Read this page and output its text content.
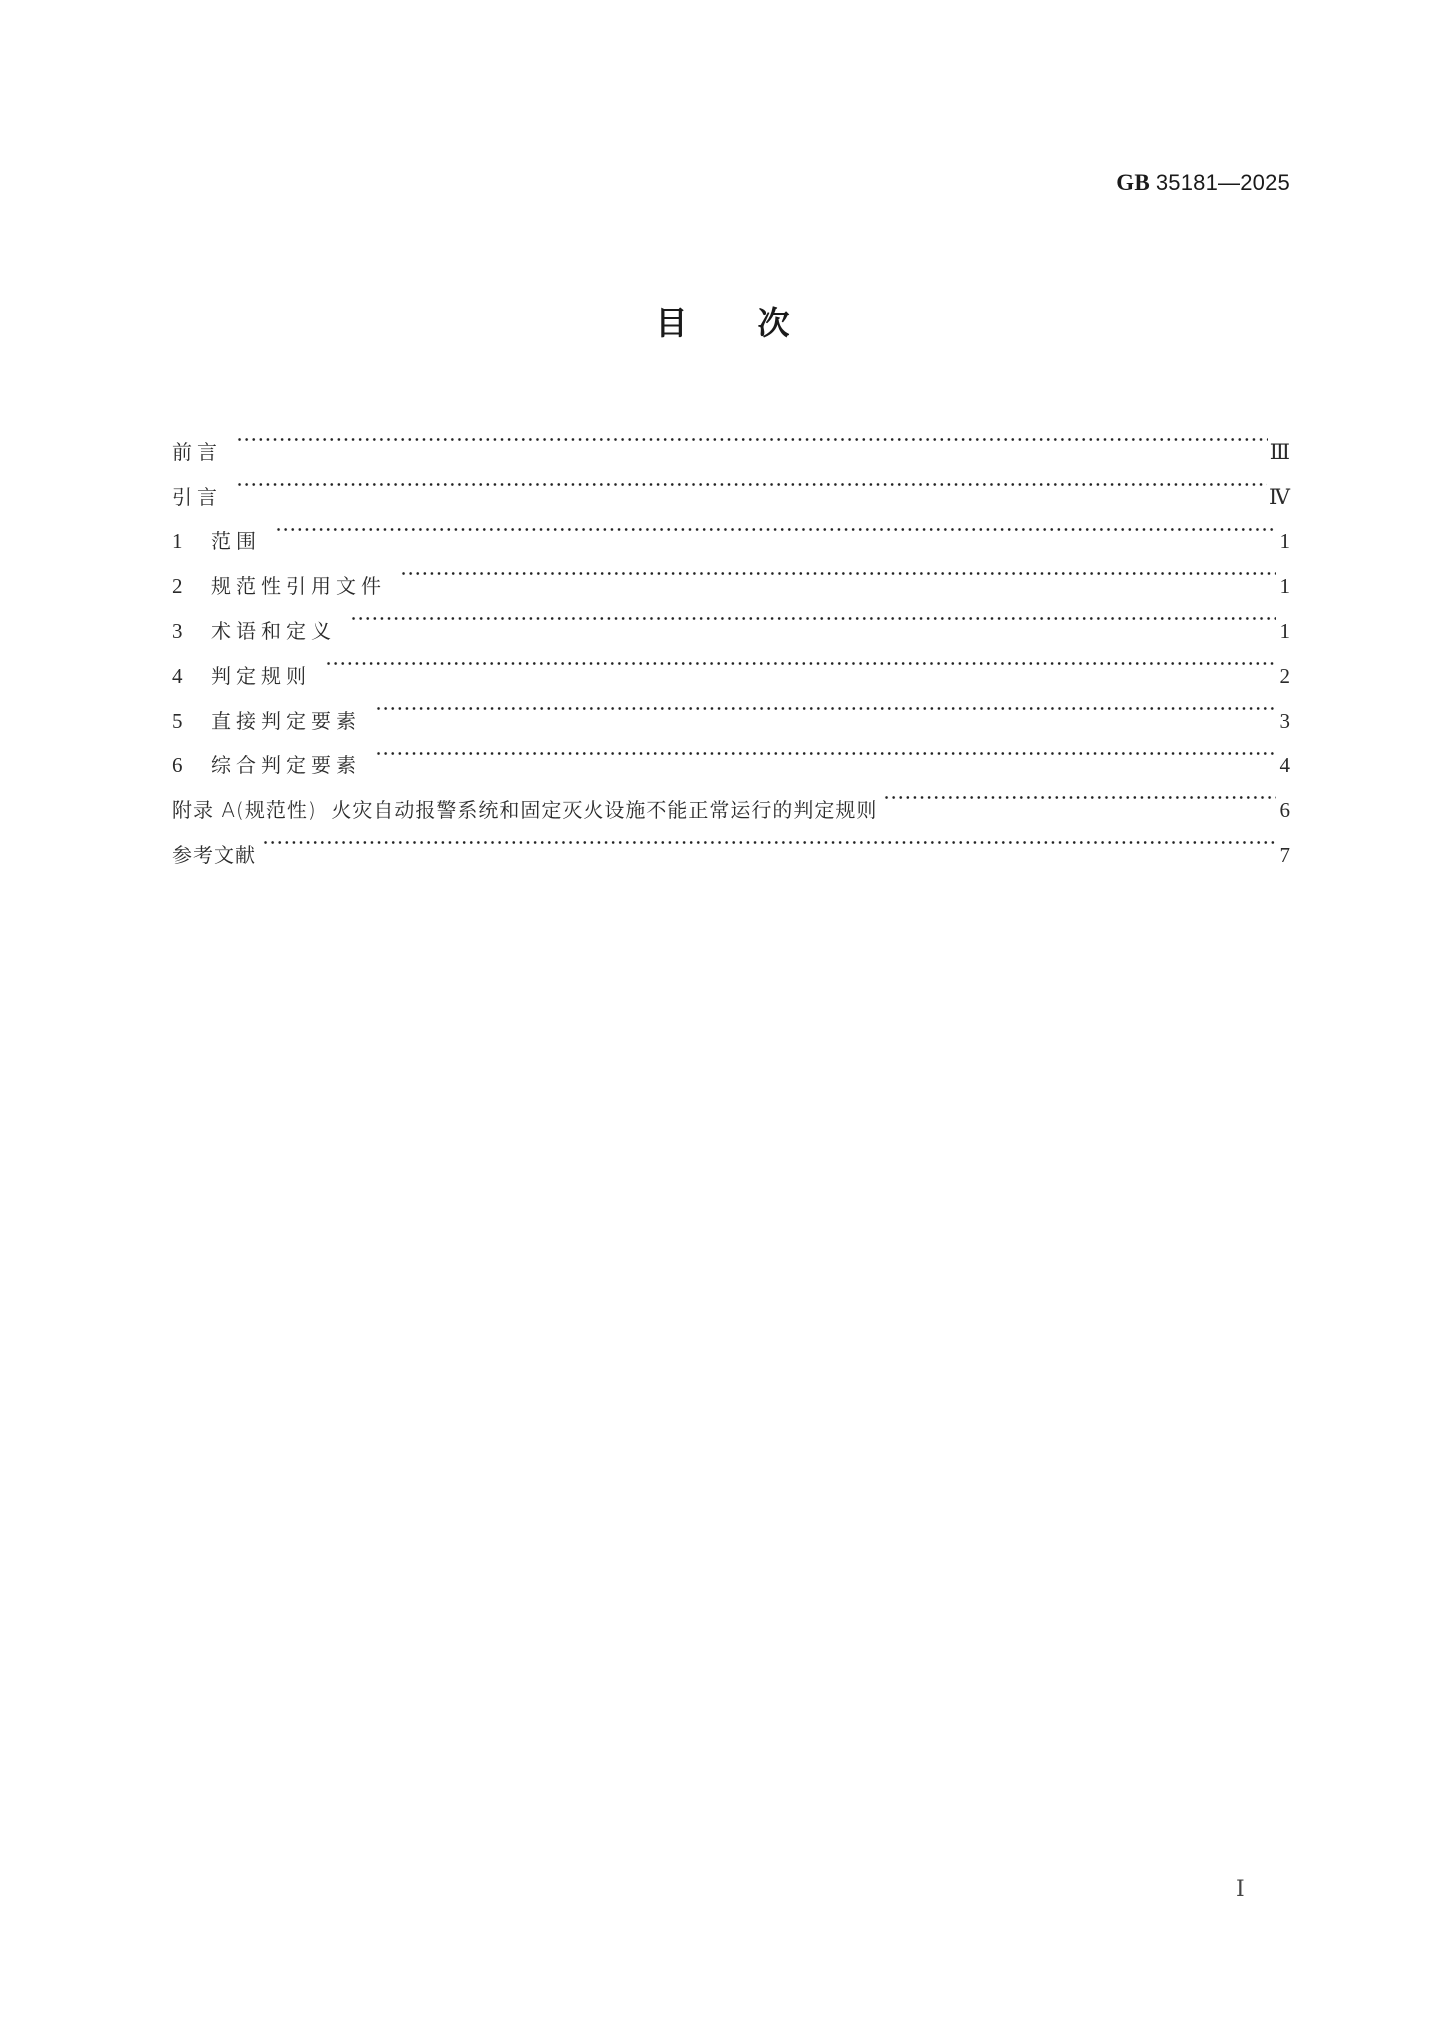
GB 35181—2025
目 次
前言	Ⅲ
引言	Ⅳ
1	范围	1
2	规范性引用文件	1
3	术语和定义	1
4	判定规则	2
5	直接判定要素	3
6	综合判定要素	4
附录 A(规范性)  火灾自动报警系统和固定灭火设施不能正常运行的判定规则	6
参考文献	7
Ⅰ
